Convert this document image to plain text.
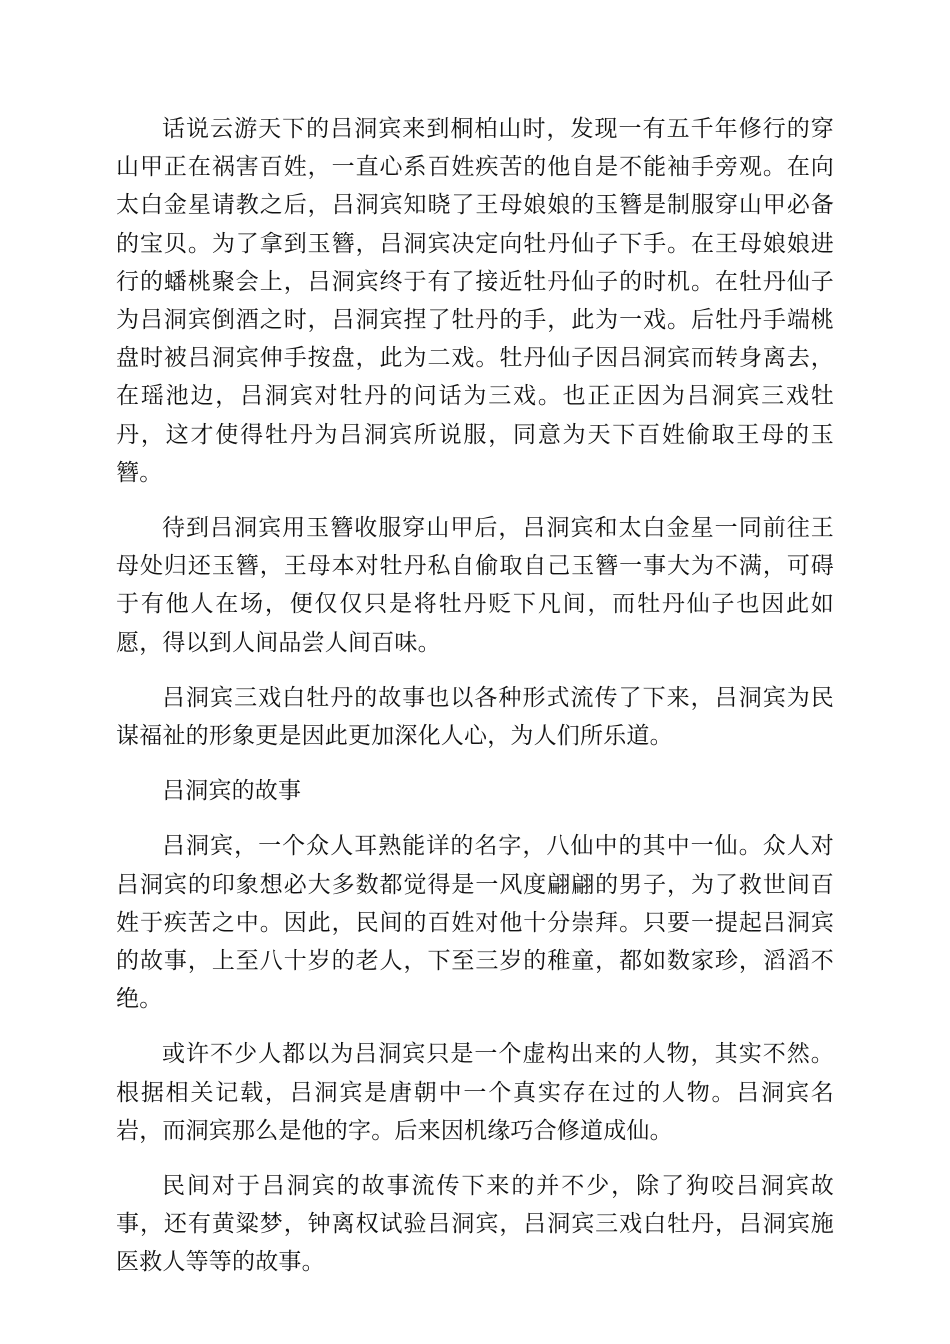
话说云游天下的吕洞宾来到桐柏山时，发现一有五千年修行的穿山甲正在祸害百姓，一直心系百姓疾苦的他自是不能袖手旁观。在向太白金星请教之后，吕洞宾知晓了王母娘娘的玉簪是制服穿山甲必备的宝贝。为了拿到玉簪，吕洞宾决定向牡丹仙子下手。在王母娘娘进行的蟠桃聚会上，吕洞宾终于有了接近牡丹仙子的时机。在牡丹仙子为吕洞宾倒酒之时，吕洞宾捏了牡丹的手，此为一戏。后牡丹手端桃盘时被吕洞宾伸手按盘，此为二戏。牡丹仙子因吕洞宾而转身离去，在瑶池边，吕洞宾对牡丹的问话为三戏。也正正因为吕洞宾三戏牡丹，这才使得牡丹为吕洞宾所说服，同意为天下百姓偷取王母的玉簪。

待到吕洞宾用玉簪收服穿山甲后，吕洞宾和太白金星一同前往王母处归还玉簪，王母本对牡丹私自偷取自己玉簪一事大为不满，可碍于有他人在场，便仅仅只是将牡丹贬下凡间，而牡丹仙子也因此如愿，得以到人间品尝人间百味。

吕洞宾三戏白牡丹的故事也以各种形式流传了下来，吕洞宾为民谋福祉的形象更是因此更加深化人心，为人们所乐道。

吕洞宾的故事

吕洞宾，一个众人耳熟能详的名字，八仙中的其中一仙。众人对吕洞宾的印象想必大多数都觉得是一风度翩翩的男子，为了救世间百姓于疾苦之中。因此，民间的百姓对他十分崇拜。只要一提起吕洞宾的故事，上至八十岁的老人，下至三岁的稚童，都如数家珍，滔滔不绝。

或许不少人都以为吕洞宾只是一个虚构出来的人物，其实不然。根据相关记载，吕洞宾是唐朝中一个真实存在过的人物。吕洞宾名岩，而洞宾那么是他的字。后来因机缘巧合修道成仙。

民间对于吕洞宾的故事流传下来的并不少，除了狗咬吕洞宾故事，还有黄粱梦，钟离权试验吕洞宾，吕洞宾三戏白牡丹，吕洞宾施医救人等等的故事。
